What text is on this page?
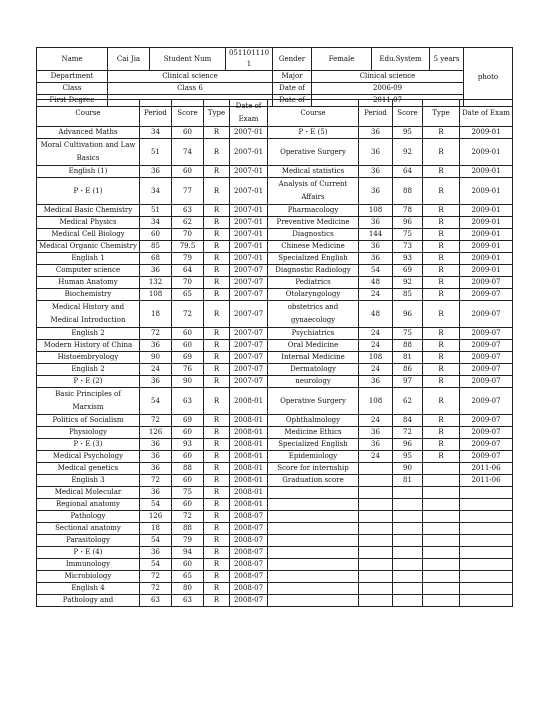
Name	Cai Jia	Student Num	0511011101	Gender	Female	Edu.System	5 years	photo
Department	Clinical science			Major	Clinical science			
Class	Class 6			Date of	2006-09			
First Degree	--------			Date of	2011-07			
Course	Period	Score	Type	Date of Exam	Course	Period	Score	Type	Date of Exam
Advanced Maths	34	60	R	2007-01	P・E (5)	36	95	R	2009-01
Moral Cultivation and Law Basics	51	74	R	2007-01	Operative Surgery	36	92	R	2009-01
English (1)	36	60	R	2007-01	Medical statistics	36	64	R	2009-01
P・E (1)	34	77	R	2007-01	Analysis of Current Affairs	36	88	R	2009-01
Medical Basic Chemistry	51	63	R	2007-01	Pharmacology	108	78	R	2009-01
Medical Physics	34	62	R	2007-01	Preventive Medicine	36	96	R	2009-01
Medical Cell Biology	60	70	R	2007-01	Diagnostics	144	75	R	2009-01
Medical Organic Chemistry	85	79.5	R	2007-01	Chinese Medicine	36	73	R	2009-01
English 1	68	79	R	2007-01	Specialized English	36	93	R	2009-01
Computer science	36	64	R	2007-07	Diagnostic Radiology	54	69	R	2009-01
Human Anatomy	132	70	R	2007-07	Pediatrics	48	92	R	2009-07
Biochemistry	108	65	R	2007-07	Otolaryngology	24	85	R	2009-07
Medical History and Medical Introduction	18	72	R	2007-07	obstetrics and gynaecology	48	96	R	2009-07
English 2	72	60	R	2007-07	Psychiatrics	24	75	R	2009-07
Modern History of China	36	60	R	2007-07	Oral Medicine	24	88	R	2009-07
Histoembryology	90	69	R	2007-07	Internal Medicine	108	81	R	2009-07
English 2	24	76	R	2007-07	Dermatology	24	86	R	2009-07
P・E (2)	36	90	R	2007-07	neurology	36	97	R	2009-07
Basic Principles of Marxism	54	63	R	2008-01	Operative Surgery	108	62	R	2009-07
Politics of Socialism	72	69	R	2008-01	Ophthalmology	24	84	R	2009-07
Physiology	126	60	R	2008-01	Medicine Ethics	36	72	R	2009-07
P・E (3)	36	93	R	2008-01	Specialized English	36	96	R	2009-07
Medical Psychology	36	60	R	2008-01	Epidemiology	24	95	R	2009-07
Medical genetics	36	88	R	2008-01	Score for internship		90		2011-06
English 3	72	60	R	2008-01	Graduation score		81		2011-06
Medical Molecular	36	75	R	2008-01					
Regional anatomy	54	60	R	2008-01					
Pathology	126	72	R	2008-07					
Sectional anatomy	18	88	R	2008-07					
Parasitology	54	79	R	2008-07					
P・E (4)	36	94	R	2008-07					
Immunology	54	60	R	2008-07					
Microbiology	72	65	R	2008-07					
English 4	72	80	R	2008-07					
Pathology and	63	63	R	2008-07					
